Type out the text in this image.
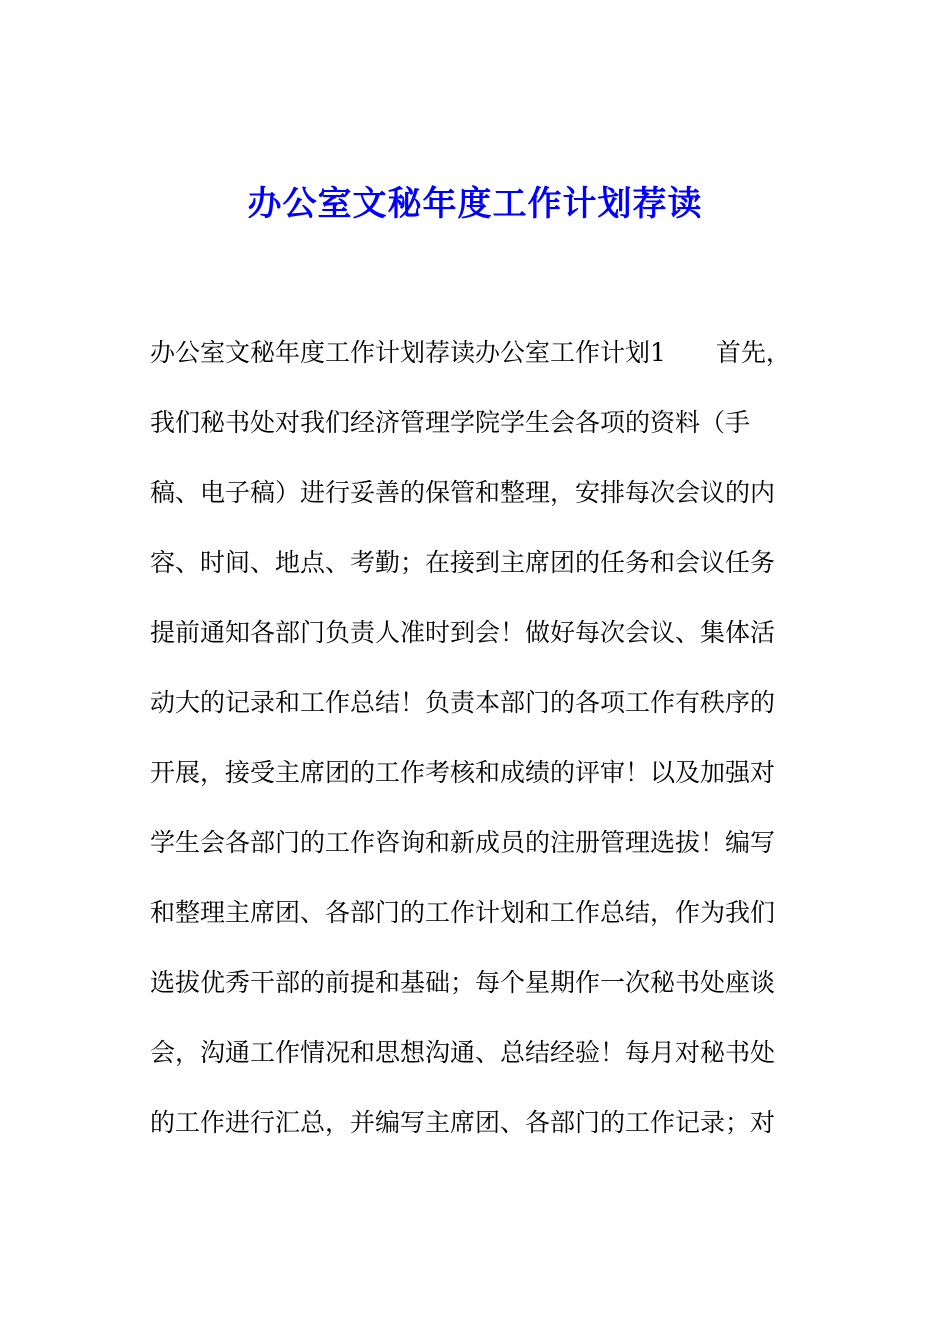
办公室文秘年度工作计划荐读
办公室文秘年度工作计划荐读办公室工作计划1　　首先，
我们秘书处对我们经济管理学院学生会各项的资料（手
稿、电子稿）进行妥善的保管和整理，安排每次会议的内
容、时间、地点、考勤；在接到主席团的任务和会议任务
提前通知各部门负责人准时到会！做好每次会议、集体活
动大的记录和工作总结！负责本部门的各项工作有秩序的
开展，接受主席团的工作考核和成绩的评审！以及加强对
学生会各部门的工作咨询和新成员的注册管理选拔！编写
和整理主席团、各部门的工作计划和工作总结，作为我们
选拔优秀干部的前提和基础；每个星期作一次秘书处座谈
会，沟通工作情况和思想沟通、总结经验！每月对秘书处
的工作进行汇总，并编写主席团、各部门的工作记录；对
